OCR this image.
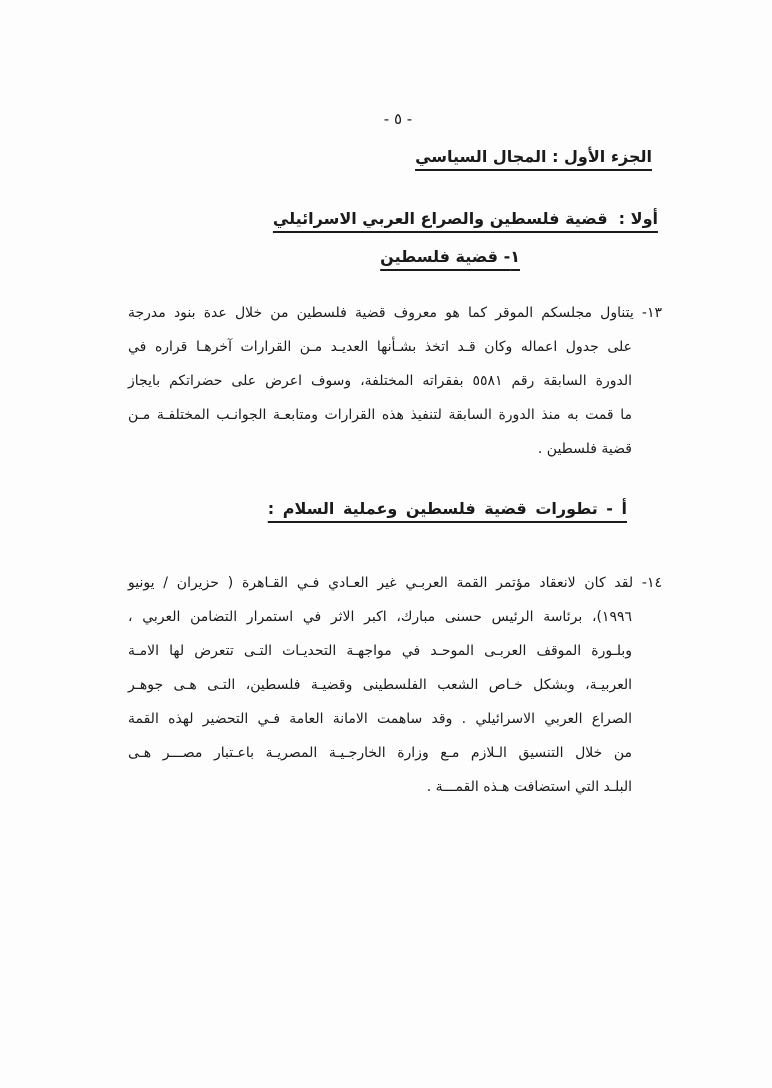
- ٥ -
الجزء الأول : المجال السياسي
أولا :  قضية فلسطين والصراع العربي الاسرائيلي
١- قضية فلسطين
١٣- يتناول مجلسكم الموقر كما هو معروف قضية فلسطين من خلال عدة بنود مدرجة
على جدول اعماله وكان قـد اتخذ بشـأنها العديـد مـن القرارات آخرهـا قراره في
الدورة السابقة رقم ٥٥٨١ بفقراته المختلفة، وسوف اعرض على حضراتكم بايجاز
ما قمت به منذ الدورة السابقة لتنفيذ هذه القرارات ومتابعـة الجوانـب المختلفـة مـن
قضية فلسطين .
أ - تطورات قضية فلسطين وعملية السلام :
١٤- لقد كان لانعقاد مؤتمر القمة العربـي غير العـادي فـي القـاهرة ( حزيران / يونيو
١٩٩٦)، برئاسة الرئيس حسنى مبارك، اكبر الاثر في استمرار التضامن العربي ،
وبلـورة الموقف العربـى الموحـد في مواجهـة التحديـات التـى تتعرض لها الامـة
العربيـة، وبشكل خـاص الشعب الفلسطينى وقضيـة فلسطين، التـى هـى جوهـر
الصراع العربي الاسرائيلي . وقد ساهمت الامانة العامة فـي التحضير لهذه القمة
من خلال التنسيق الـلازم مـع وزارة الخارجـيـة المصريـة باعـتبار مصـــر هـى
البلـد التي استضافت هـذه القمـــة .
